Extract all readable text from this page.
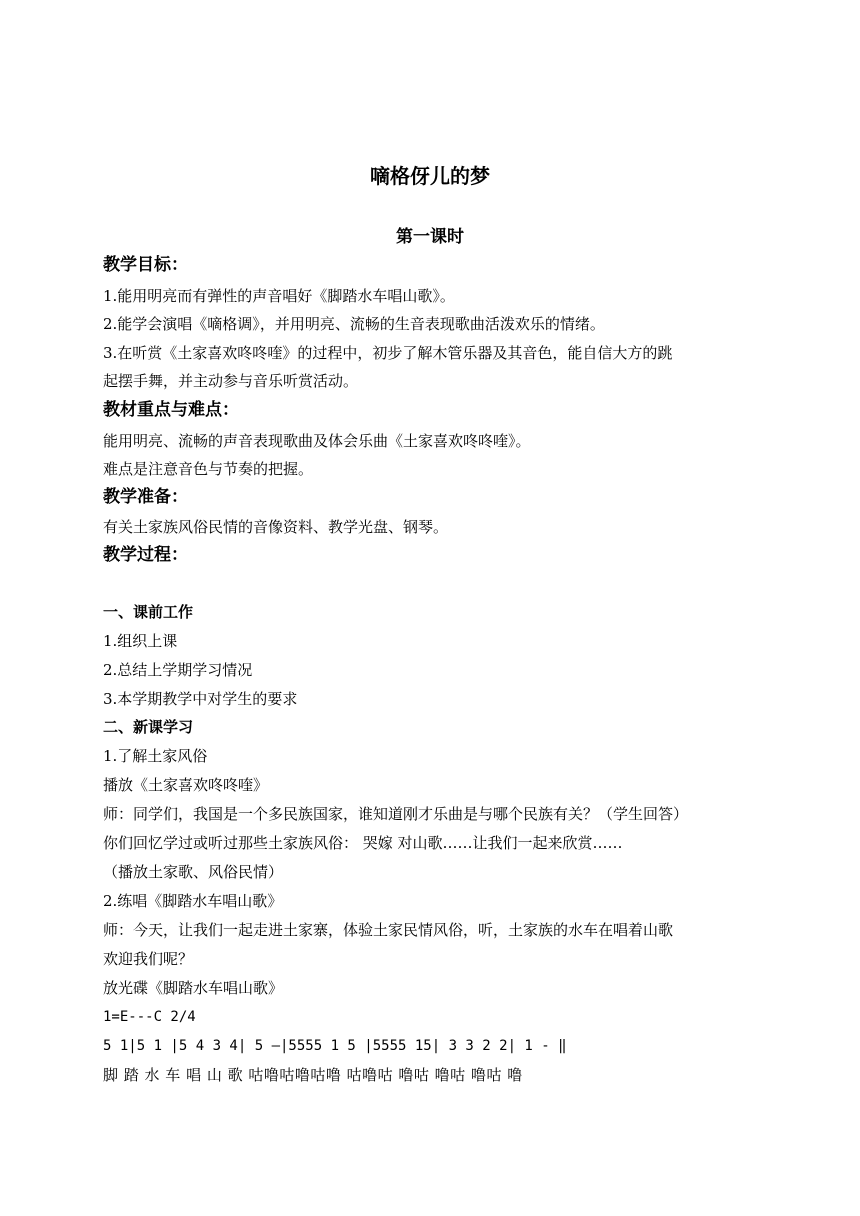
嘀格伢儿的梦
第一课时
教学目标：
1.能用明亮而有弹性的声音唱好《脚踏水车唱山歌》。
2.能学会演唱《嘀格调》，并用明亮、流畅的生音表现歌曲活泼欢乐的情绪。
3.在听赏《土家喜欢咚咚喹》的过程中，初步了解木管乐器及其音色，能自信大方的跳
起摆手舞，并主动参与音乐听赏活动。
教材重点与难点：
能用明亮、流畅的声音表现歌曲及体会乐曲《土家喜欢咚咚喹》。
难点是注意音色与节奏的把握。
教学准备：
有关土家族风俗民情的音像资料、教学光盘、钢琴。
教学过程：
一、课前工作
1.组织上课
2.总结上学期学习情况
3.本学期教学中对学生的要求
二、新课学习
1.了解土家风俗
播放《土家喜欢咚咚喹》
师：同学们，我国是一个多民族国家，谁知道刚才乐曲是与哪个民族有关？（学生回答）
你们回忆学过或听过那些土家族风俗： 哭嫁 对山歌……让我们一起来欣赏……
（播放土家歌、风俗民情）
2.练唱《脚踏水车唱山歌》
师：今天，让我们一起走进土家寨，体验土家民情风俗，听，土家族的水车在唱着山歌
欢迎我们呢？
放光碟《脚踏水车唱山歌》
1=E---C 2/4
5 1|5 1 |5 4 3 4| 5 —|5555 1 5 |5555 15| 3 3 2 2| 1 - ‖
脚 踏 水 车 唱 山 歌 咕噜咕噜咕噜 咕噜咕 噜咕 噜咕 噜咕 噜
